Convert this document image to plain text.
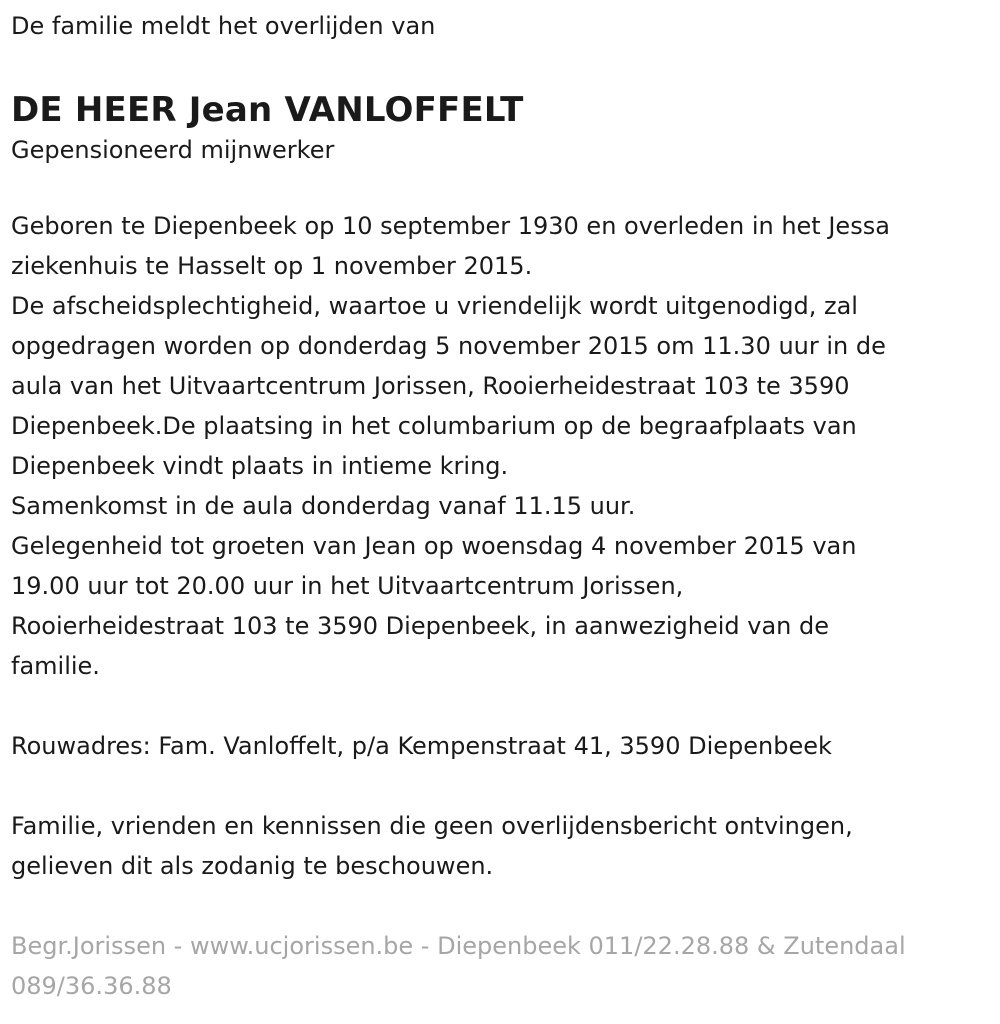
De familie meldt het overlijden van

DE HEER Jean VANLOFFELT

Gepensioneerd mijnwerker

Geboren te Diepenbeek op 10 september 1930 en overleden in het Jessa
ziekenhuis te Hasselt op 1 november 2015.
De afscheidsplechtigheid, waartoe u vriendelijk wordt uitgenodigd, zal
opgedragen worden op donderdag 5 november 2015 om 11.30 uur in de
aula van het Uitvaartcentrum Jorissen, Rooierheidestraat 103 te 3590
Diepenbeek.De plaatsing in het columbarium op de begraafplaats van
Diepenbeek vindt plaats in intieme kring.
Samenkomst in de aula donderdag vanaf 11.15 uur.
Gelegenheid tot groeten van Jean op woensdag 4 november 2015 van
19.00 uur tot 20.00 uur in het Uitvaartcentrum Jorissen,
Rooierheidestraat 103 te 3590 Diepenbeek, in aanwezigheid van de
familie.
Rouwadres: Fam. Vanloffelt, p/a Kempenstraat 41, 3590 Diepenbeek
Familie, vrienden en kennissen die geen overlijdensbericht ontvingen,
gelieven dit als zodanig te beschouwen.
Begr.Jorissen - www.ucjorissen.be - Diepenbeek 011/22.28.88 & Zutendaal
089/36.36.88
